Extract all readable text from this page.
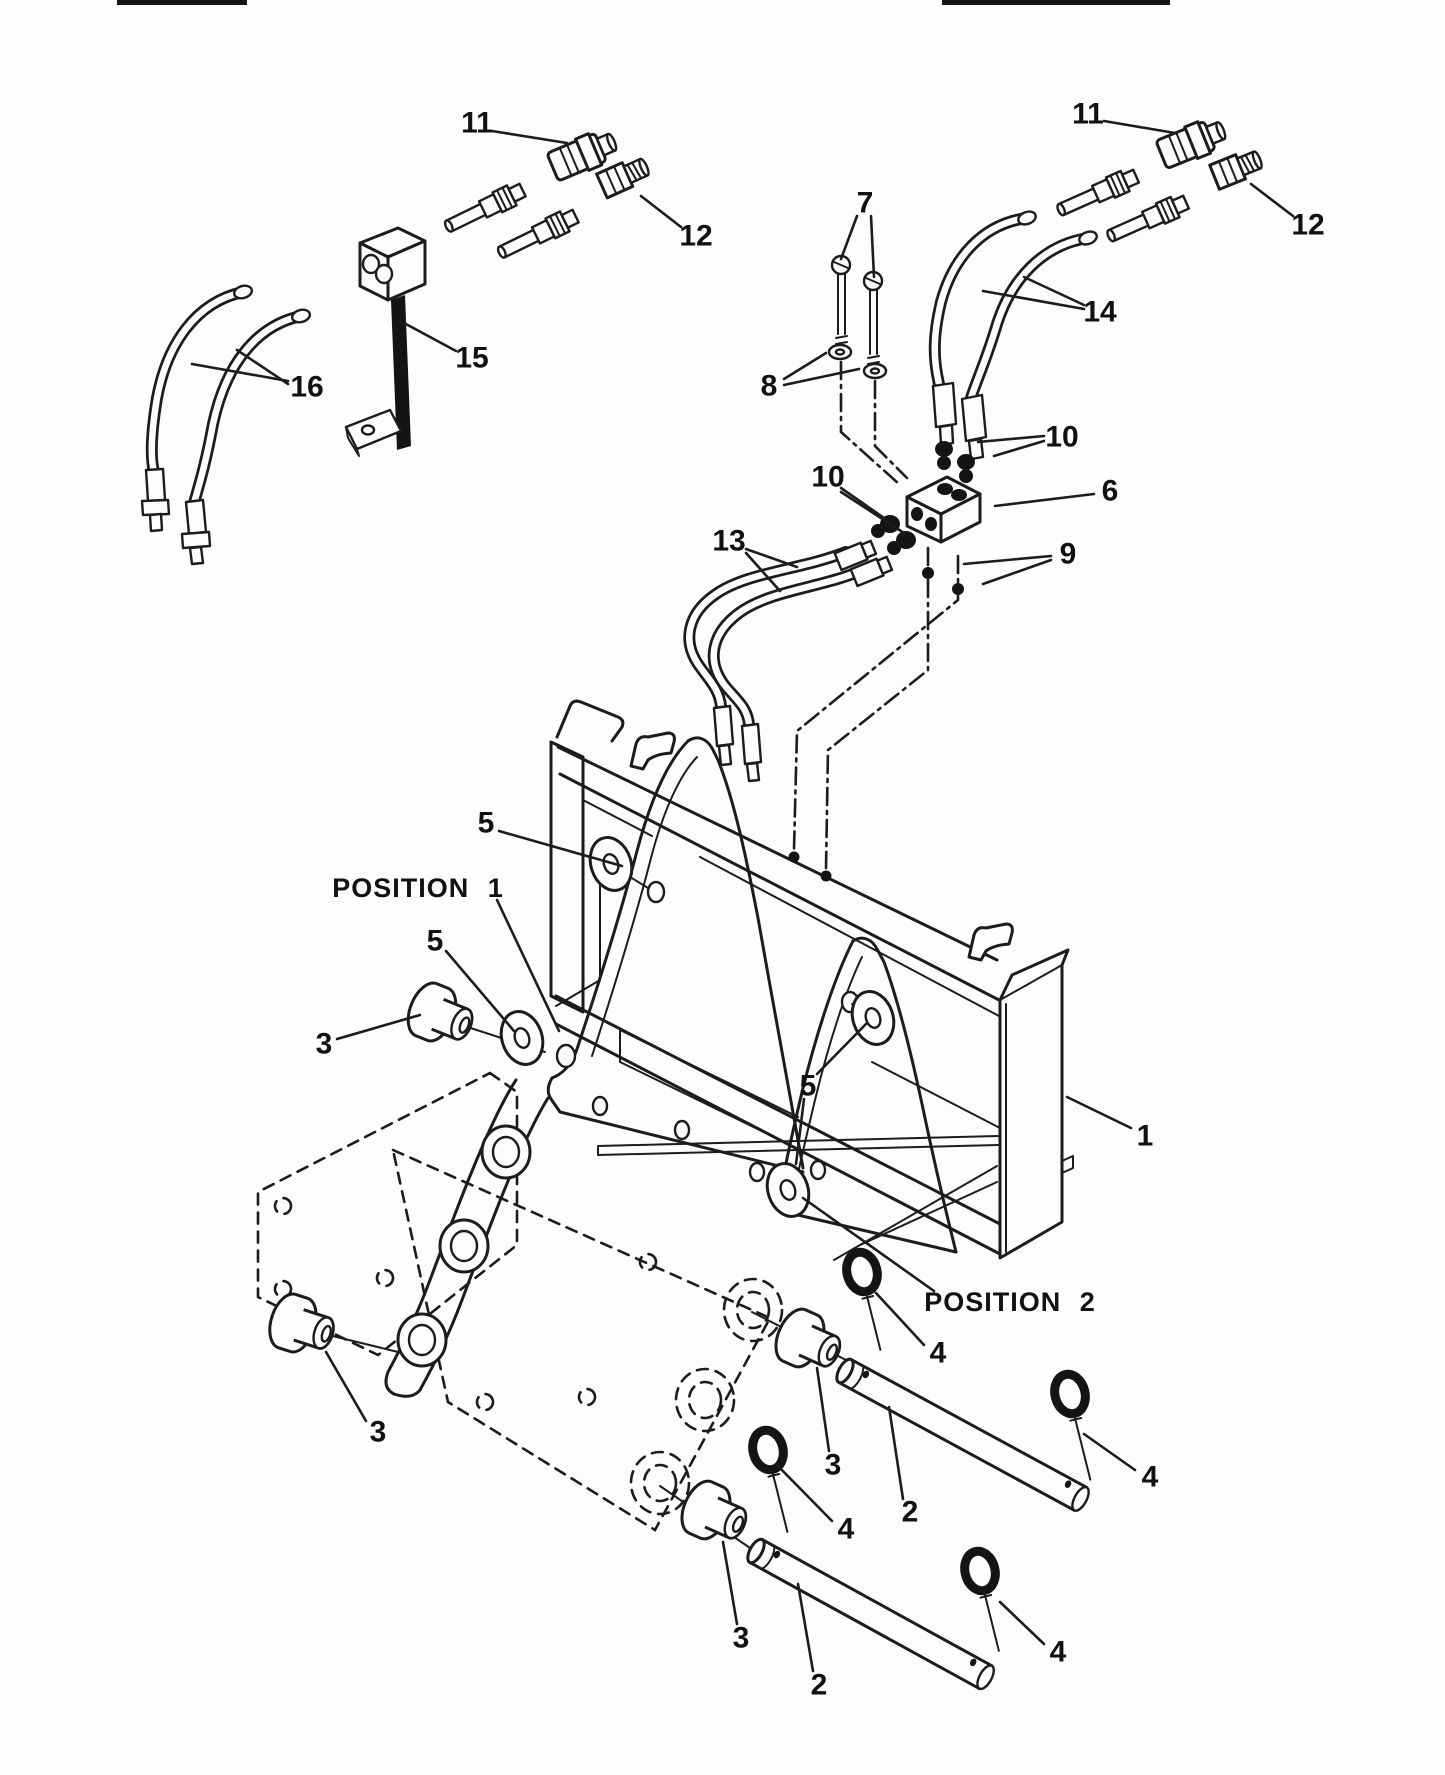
11
12
15
16
11
12
14
7
8
10
6
10
13	9
5
POSITION 1
5
3
5
1
POSITION 2
4
3
2
4
4
3
2
4
3
